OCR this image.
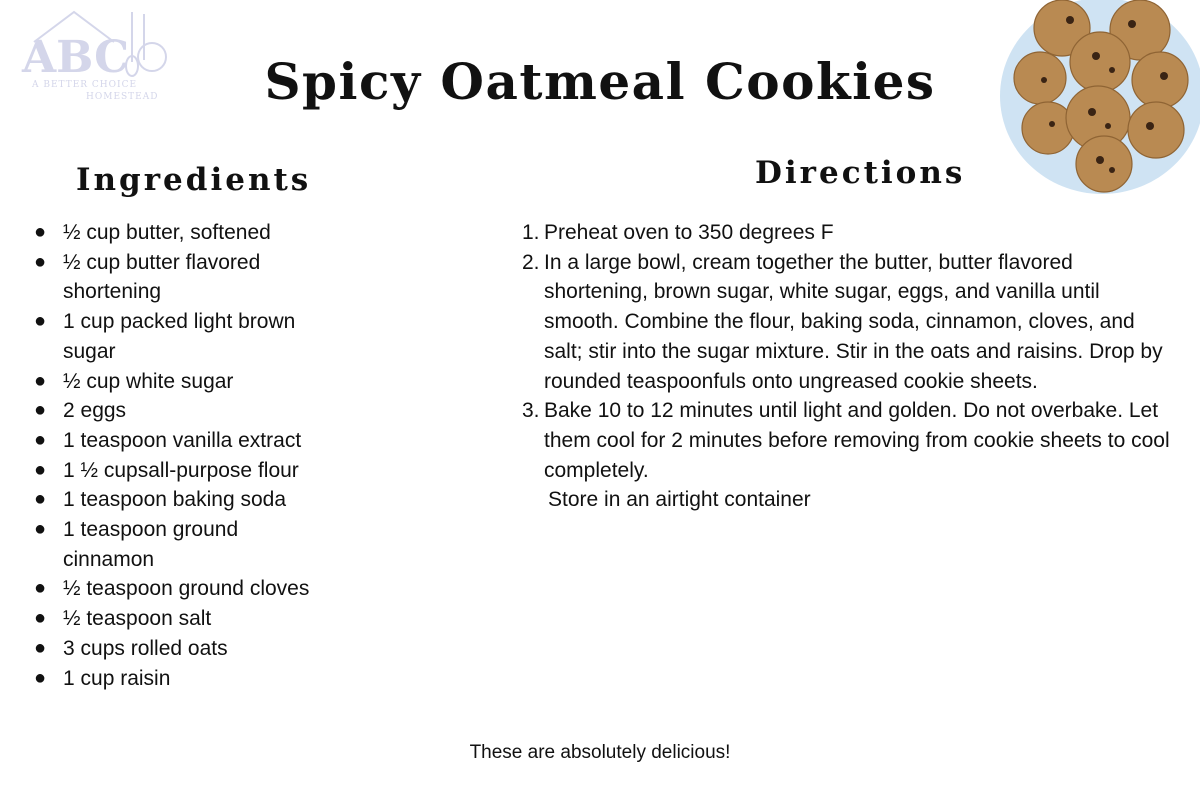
ABC
A BETTER CHOICE
HOMESTEAD	Spicy Oatmeal Cookies
Ingredients	Directions
● ½ cup butter, softened
● ½ cup butter flavored shortening
● 1 cup packed light brown sugar
● ½ cup white sugar
● 2 eggs
● 1 teaspoon vanilla extract
● 1 ½ cupsall-purpose flour
● 1 teaspoon baking soda
● 1 teaspoon ground cinnamon
● ½ teaspoon ground cloves
● ½ teaspoon salt
● 3 cups rolled oats
● 1 cup raisin
1. Preheat oven to 350 degrees F
2. In a large bowl, cream together the butter, butter flavored shortening, brown sugar, white sugar, eggs, and vanilla until smooth. Combine the flour, baking soda, cinnamon, cloves, and salt; stir into the sugar mixture. Stir in the oats and raisins. Drop by rounded teaspoonfuls onto ungreased cookie sheets.
3. Bake 10 to 12 minutes until light and golden. Do not overbake. Let them cool for 2 minutes before removing from cookie sheets to cool completely.
Store in an airtight container
These are absolutely delicious!
